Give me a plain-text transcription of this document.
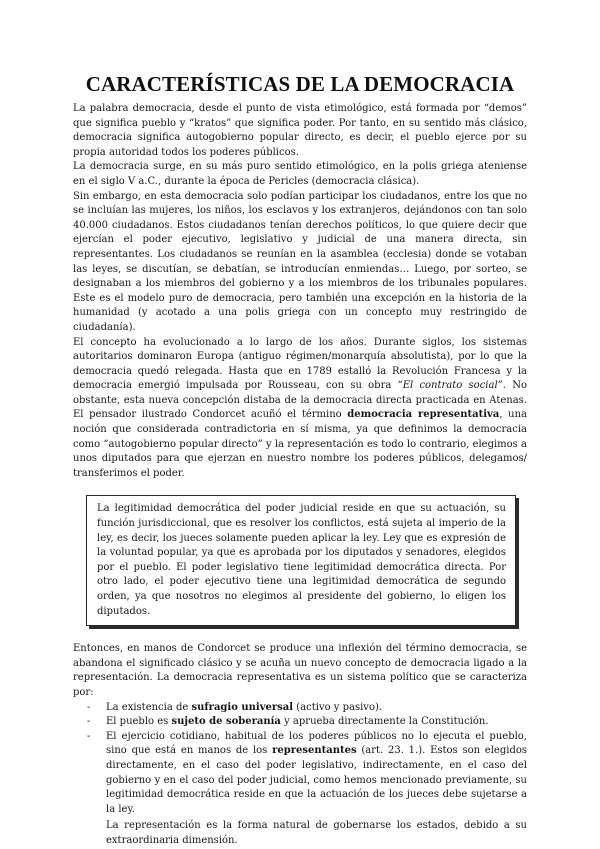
CARACTERÍSTICAS DE LA DEMOCRACIA

La palabra democracia, desde el punto de vista etimológico, está formada por “demos” que significa pueblo y “kratos” que significa poder. Por tanto, en su sentido más clásico, democracia significa autogobierno popular directo, es decir, el pueblo ejerce por su propia autoridad todos los poderes públicos.

La democracia surge, en su más puro sentido etimológico, en la polis griega ateniense en el siglo V a.C., durante la época de Pericles (democracia clásica).

Sin embargo, en esta democracia solo podían participar los ciudadanos, entre los que no se incluían las mujeres, los niños, los esclavos y los extranjeros, dejándonos con tan solo 40.000 ciudadanos. Estos ciudadanos tenían derechos políticos, lo que quiere decir que ejercían el poder ejecutivo, legislativo y judicial de una manera directa, sin representantes. Los ciudadanos se reunían en la asamblea (ecclesia) donde se votaban las leyes, se discutían, se debatían, se introducían enmiendas… Luego, por sorteo, se designaban a los miembros del gobierno y a los miembros de los tribunales populares. Este es el modelo puro de democracia, pero también una excepción en la historia de la humanidad (y acotado a una polis griega con un concepto muy restringido de ciudadanía).

El concepto ha evolucionado a lo largo de los años. Durante siglos, los sistemas autoritarios dominaron Europa (antiguo régimen/monarquía absolutista), por lo que la democracia quedó relegada. Hasta que en 1789 estalló la Revolución Francesa y la democracia emergió impulsada por Rousseau, con su obra “El contrato social”. No obstante, esta nueva concepción distaba de la democracia directa practicada en Atenas. El pensador ilustrado Condorcet acuñó el término democracia representativa, una noción que considerada contradictoria en sí misma, ya que definimos la democracia como “autogobierno popular directo” y la representación es todo lo contrario, elegimos a unos diputados para que ejerzan en nuestro nombre los poderes públicos, delegamos/ transferimos el poder.

La legitimidad democrática del poder judicial reside en que su actuación, su función jurisdiccional, que es resolver los conflictos, está sujeta al imperio de la ley, es decir, los jueces solamente pueden aplicar la ley. Ley que es expresión de la voluntad popular, ya que es aprobada por los diputados y senadores, elegidos por el pueblo. El poder legislativo tiene legitimidad democrática directa. Por otro lado, el poder ejecutivo tiene una legitimidad democrática de segundo orden, ya que nosotros no elegimos al presidente del gobierno, lo eligen los diputados.

Entonces, en manos de Condorcet se produce una inflexión del término democracia, se abandona el significado clásico y se acuña un nuevo concepto de democracia ligado a la representación. La democracia representativa es un sistema político que se caracteriza por:

- La existencia de sufragio universal (activo y pasivo).
- El pueblo es sujeto de soberanía y aprueba directamente la Constitución.
- El ejercicio cotidiano, habitual de los poderes públicos no lo ejecuta el pueblo, sino que está en manos de los representantes (art. 23. 1.). Estos son elegidos directamente, en el caso del poder legislativo, indirectamente, en el caso del gobierno y en el caso del poder judicial, como hemos mencionado previamente, su legitimidad democrática reside en que la actuación de los jueces debe sujetarse a la ley.

La representación es la forma natural de gobernarse los estados, debido a su extraordinaria dimensión.
